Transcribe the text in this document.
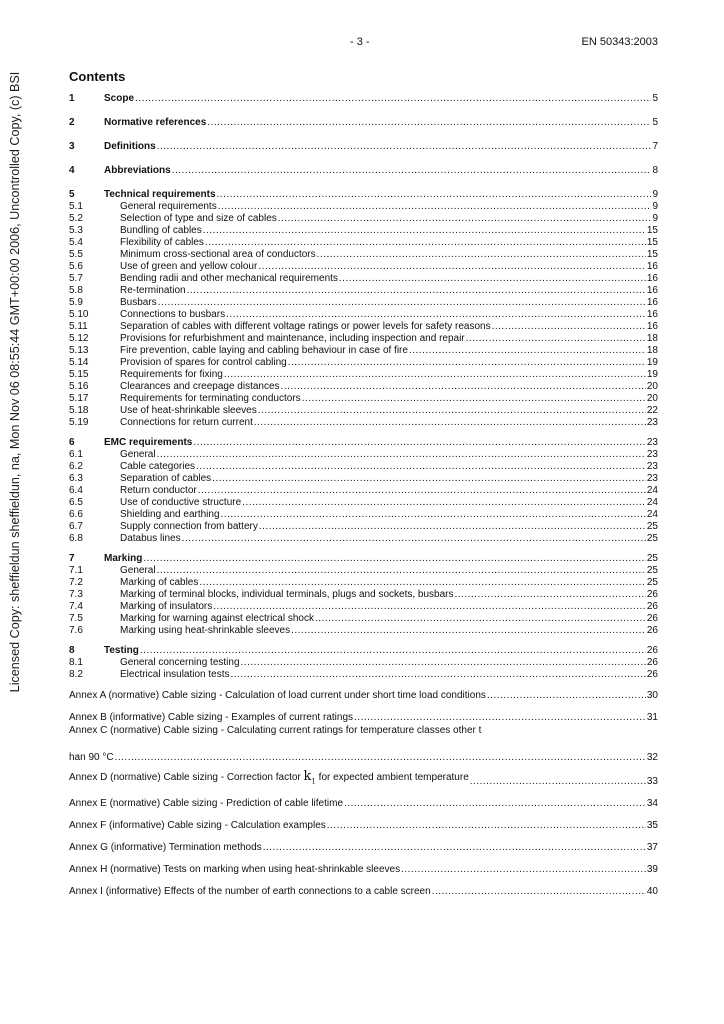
Licensed Copy: sheffieldun sheffieldun, na, Mon Nov 06 08:55:44 GMT+00:00 2006, Uncontrolled Copy, (c) BSI
- 3 -	EN 50343:2003
Contents
1	Scope .....	5
2	Normative references .....	5
3	Definitions .....	7
4	Abbreviations .....	8
5	Technical requirements .....	9
5.1	General requirements .....	9
5.2	Selection of type and size of cables .....	9
5.3	Bundling of cables .....	15
5.4	Flexibility of cables .....	15
5.5	Minimum cross-sectional area of conductors .....	15
5.6	Use of green and yellow colour .....	16
5.7	Bending radii and other mechanical requirements .....	16
5.8	Re-termination .....	16
5.9	Busbars .....	16
5.10	Connections to busbars .....	16
5.11	Separation of cables with different voltage ratings or power levels for safety reasons .....	16
5.12	Provisions for refurbishment and maintenance, including inspection and repair .....	18
5.13	Fire prevention, cable laying and cabling behaviour in case of fire .....	18
5.14	Provision of spares for control cabling .....	19
5.15	Requirements for fixing .....	19
5.16	Clearances and creepage distances .....	20
5.17	Requirements for terminating conductors .....	20
5.18	Use of heat-shrinkable sleeves .....	22
5.19	Connections for return current .....	23
6	EMC requirements .....	23
6.1	General .....	23
6.2	Cable categories .....	23
6.3	Separation of cables .....	23
6.4	Return conductor .....	24
6.5	Use of conductive structure .....	24
6.6	Shielding and earthing .....	24
6.7	Supply connection from battery .....	25
6.8	Databus lines .....	25
7	Marking .....	25
7.1	General .....	25
7.2	Marking of cables .....	25
7.3	Marking of terminal blocks, individual terminals, plugs and sockets, busbars .....	26
7.4	Marking of insulators .....	26
7.5	Marking for warning against electrical shock .....	26
7.6	Marking using heat-shrinkable sleeves .....	26
8	Testing .....	26
8.1	General concerning testing .....	26
8.2	Electrical insulation tests .....	26
Annex A (normative) Cable sizing - Calculation of load current under short time load conditions .....	30
Annex B (informative) Cable sizing - Examples of current ratings .....	31
Annex C (normative) Cable sizing - Calculating current ratings for temperature classes other t
han 90 °C .....	32
Annex D (normative) Cable sizing - Correction factor $k_1$ for expected ambient temperature .....	33
Annex E (normative) Cable sizing - Prediction of cable lifetime .....	34
Annex F (informative) Cable sizing - Calculation examples .....	35
Annex G (informative) Termination methods .....	37
Annex H (normative) Tests on marking when using heat-shrinkable sleeves .....	39
Annex I (informative) Effects of the number of earth connections to a cable screen .....	40
